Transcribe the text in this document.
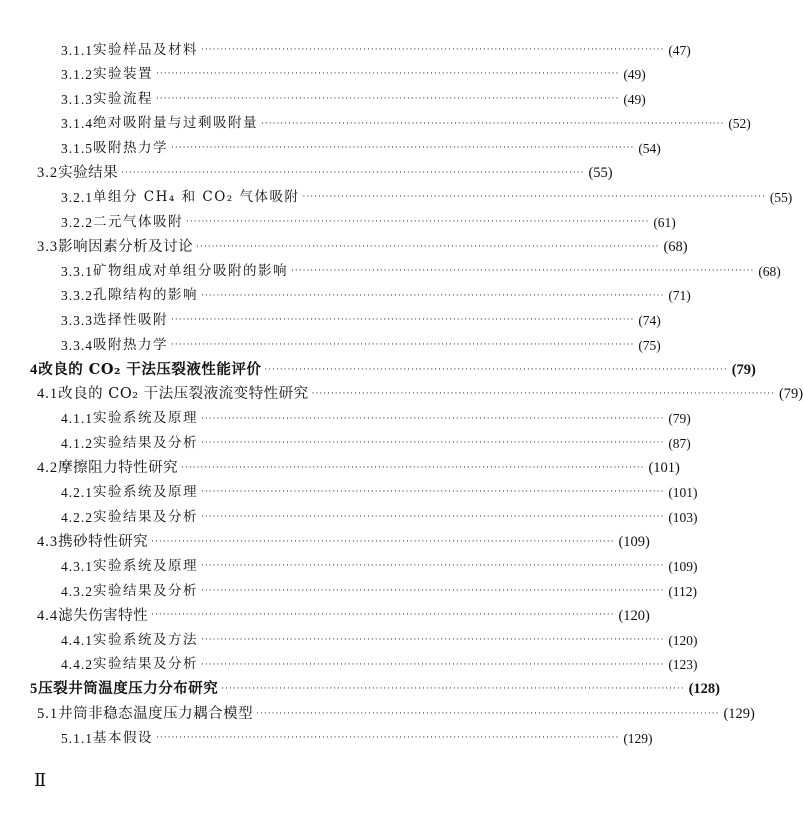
3.1.1 实验样品及材料 ························································································································ (47)
3.1.2 实验装置 ························································································································ (49)
3.1.3 实验流程 ························································································································ (49)
3.1.4 绝对吸附量与过剩吸附量 ························································································································ (52)
3.1.5 吸附热力学 ························································································································ (54)
3.2 实验结果 ························································································································ (55)
3.2.1 单组分 CH₄ 和 CO₂ 气体吸附 ························································································································ (55)
3.2.2 二元气体吸附 ························································································································ (61)
3.3 影响因素分析及讨论 ························································································································ (68)
3.3.1 矿物组成对单组分吸附的影响 ························································································································ (68)
3.3.2 孔隙结构的影响 ························································································································ (71)
3.3.3 选择性吸附 ························································································································ (74)
3.3.4 吸附热力学 ························································································································ (75)
4 改良的 CO₂ 干法压裂液性能评价 ························································································································ (79)
4.1 改良的 CO₂ 干法压裂液流变特性研究 ························································································································ (79)
4.1.1 实验系统及原理 ························································································································ (79)
4.1.2 实验结果及分析 ························································································································ (87)
4.2 摩擦阻力特性研究 ························································································································ (101)
4.2.1 实验系统及原理 ························································································································ (101)
4.2.2 实验结果及分析 ························································································································ (103)
4.3 携砂特性研究 ························································································································ (109)
4.3.1 实验系统及原理 ························································································································ (109)
4.3.2 实验结果及分析 ························································································································ (112)
4.4 滤失伤害特性 ························································································································ (120)
4.4.1 实验系统及方法 ························································································································ (120)
4.4.2 实验结果及分析 ························································································································ (123)
5 压裂井筒温度压力分布研究 ························································································································ (128)
5.1 井筒非稳态温度压力耦合模型 ························································································································ (129)
5.1.1 基本假设 ························································································································ (129)
Ⅱ
